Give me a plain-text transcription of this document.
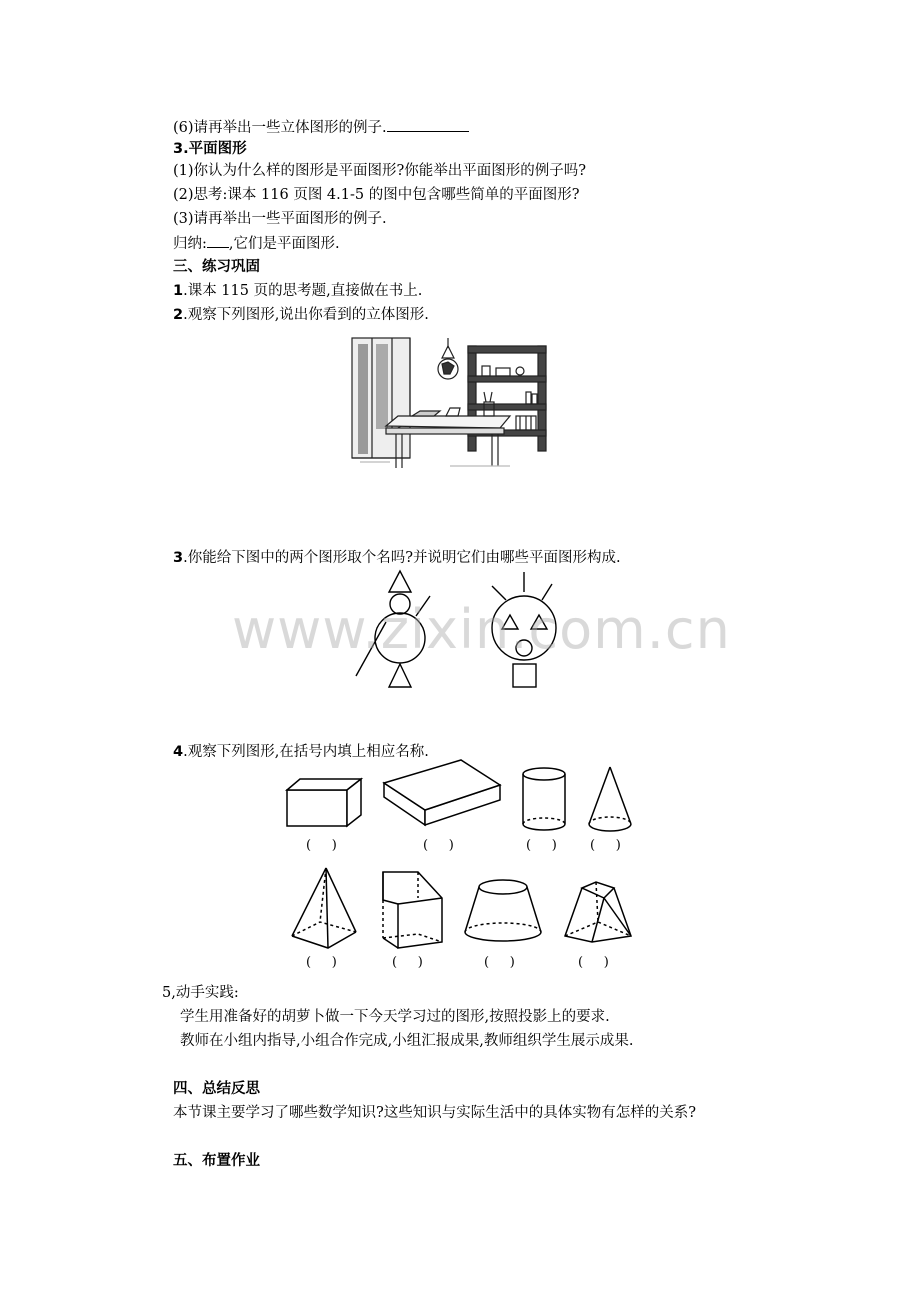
(6)请再举出一些立体图形的例子.
3.平面图形
(1)你认为什么样的图形是平面图形?你能举出平面图形的例子吗?
(2)思考:课本 116 页图 4.1-5 的图中包含哪些简单的平面图形?
(3)请再举出一些平面图形的例子.
归纳: ,它们是平面图形.
三、练习巩固
1.课本 115 页的思考题,直接做在书上.
2.观察下列图形,说出你看到的立体图形.
3.你能给下图中的两个图形取个名吗?并说明它们由哪些平面图形构成.
www.zixin.com.cn
4.观察下列图形,在括号内填上相应名称.
(     )	(     )	(     )	(     )
(     )	(     )	(     )	(     )
5,动手实践:
学生用准备好的胡萝卜做一下今天学习过的图形,按照投影上的要求.
教师在小组内指导,小组合作完成,小组汇报成果,教师组织学生展示成果.
四、总结反思
本节课主要学习了哪些数学知识?这些知识与实际生活中的具体实物有怎样的关系?
五、布置作业
